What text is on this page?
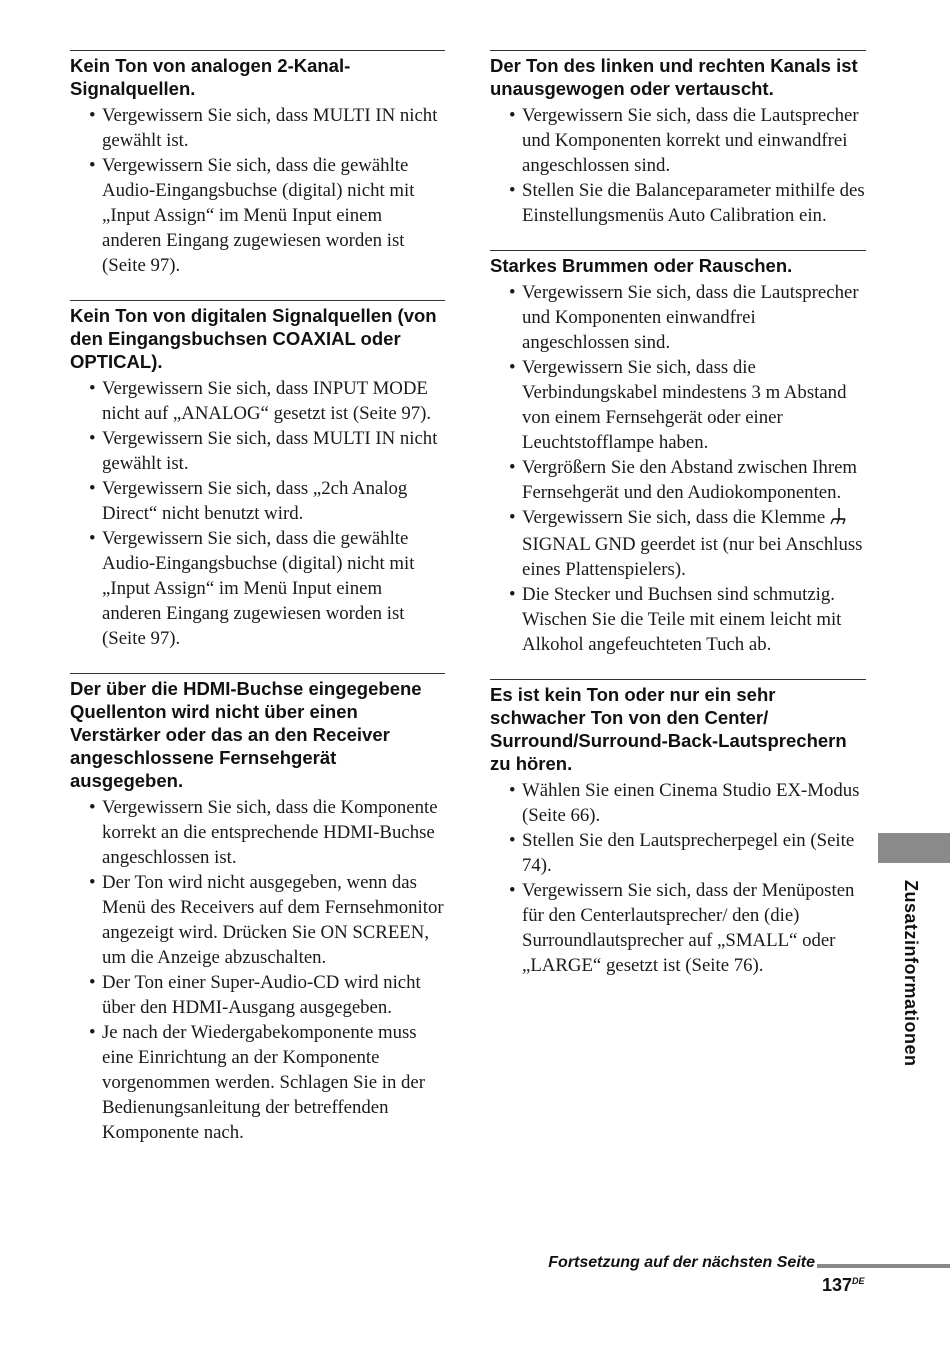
Kein Ton von analogen 2-Kanal-Signalquellen.
• Vergewissern Sie sich, dass MULTI IN nicht gewählt ist.
• Vergewissern Sie sich, dass die gewählte Audio-Eingangsbuchse (digital) nicht mit „Input Assign“ im Menü Input einem anderen Eingang zugewiesen worden ist (Seite 97).
Kein Ton von digitalen Signalquellen (von den Eingangsbuchsen COAXIAL oder OPTICAL).
• Vergewissern Sie sich, dass INPUT MODE nicht auf „ANALOG“ gesetzt ist (Seite 97).
• Vergewissern Sie sich, dass MULTI IN nicht gewählt ist.
• Vergewissern Sie sich, dass „2ch Analog Direct“ nicht benutzt wird.
• Vergewissern Sie sich, dass die gewählte Audio-Eingangsbuchse (digital) nicht mit „Input Assign“ im Menü Input einem anderen Eingang zugewiesen worden ist (Seite 97).
Der über die HDMI-Buchse eingegebene Quellenton wird nicht über einen Verstärker oder das an den Receiver angeschlossene Fernsehgerät ausgegeben.
• Vergewissern Sie sich, dass die Komponente korrekt an die entsprechende HDMI-Buchse angeschlossen ist.
• Der Ton wird nicht ausgegeben, wenn das Menü des Receivers auf dem Fernsehmonitor angezeigt wird. Drücken Sie ON SCREEN, um die Anzeige abzuschalten.
• Der Ton einer Super-Audio-CD wird nicht über den HDMI-Ausgang ausgegeben.
• Je nach der Wiedergabekomponente muss eine Einrichtung an der Komponente vorgenommen werden. Schlagen Sie in der Bedienungsanleitung der betreffenden Komponente nach.
Der Ton des linken und rechten Kanals ist unausgewogen oder vertauscht.
• Vergewissern Sie sich, dass die Lautsprecher und Komponenten korrekt und einwandfrei angeschlossen sind.
• Stellen Sie die Balanceparameter mithilfe des Einstellungsmenüs Auto Calibration ein.
Starkes Brummen oder Rauschen.
• Vergewissern Sie sich, dass die Lautsprecher und Komponenten einwandfrei angeschlossen sind.
• Vergewissern Sie sich, dass die Verbindungskabel mindestens 3 m Abstand von einem Fernsehgerät oder einer Leuchtstofflampe haben.
• Vergrößern Sie den Abstand zwischen Ihrem Fernsehgerät und den Audiokomponenten.
• Vergewissern Sie sich, dass die Klemme  SIGNAL GND geerdet ist (nur bei Anschluss eines Plattenspielers).
• Die Stecker und Buchsen sind schmutzig. Wischen Sie die Teile mit einem leicht mit Alkohol angefeuchteten Tuch ab.
Es ist kein Ton oder nur ein sehr schwacher Ton von den Center/ Surround/Surround-Back-Lautsprechern zu hören.
• Wählen Sie einen Cinema Studio EX-Modus (Seite 66).
• Stellen Sie den Lautsprecherpegel ein (Seite 74).
• Vergewissern Sie sich, dass der Menüposten für den Centerlautsprecher/ den (die) Surroundlautsprecher auf „SMALL“ oder „LARGE“ gesetzt ist (Seite 76).	Zusatzinformationen
Fortsetzung auf der nächsten Seite
137DE
